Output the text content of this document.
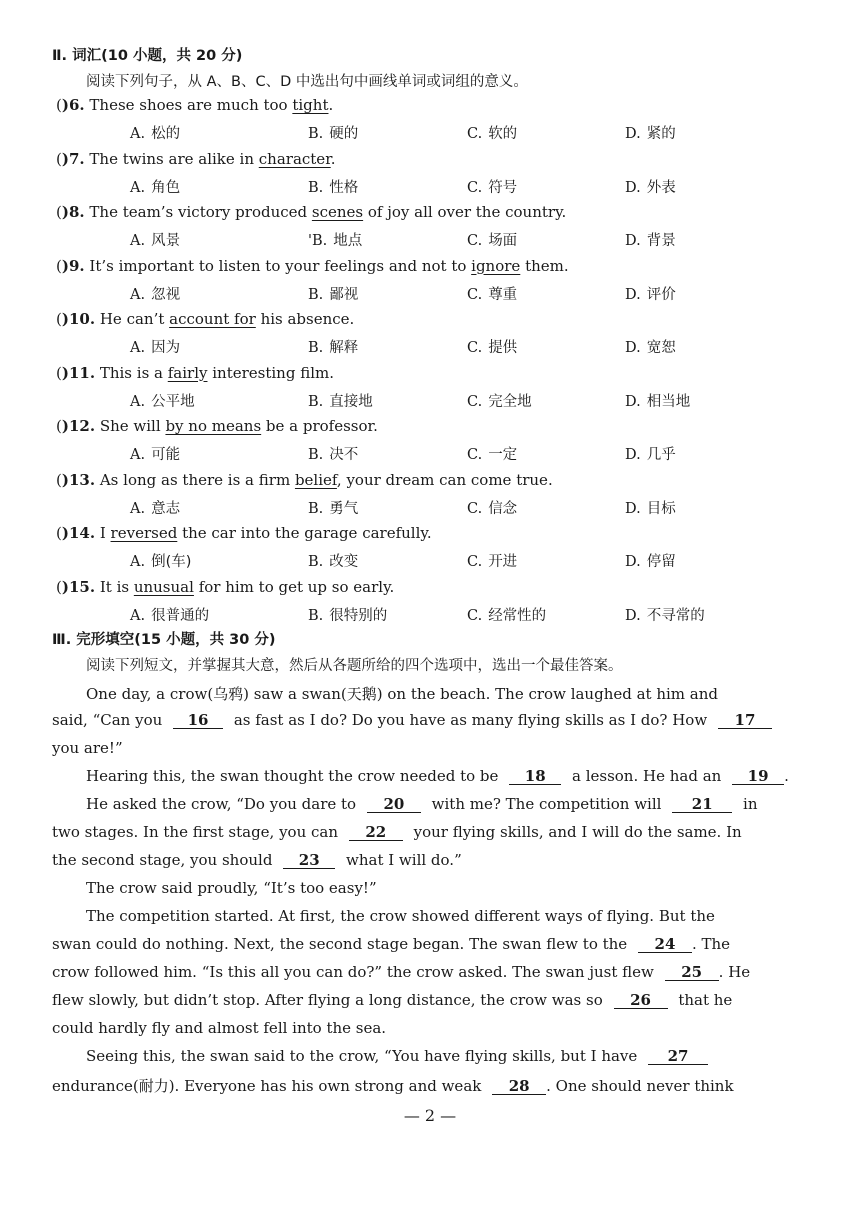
Ⅱ. 词汇(10 小题，共 20 分)
阅读下列句子，从 A、B、C、D 中选出句中画线单词或词组的意义。
()6. These shoes are much too tight.
A. 松的	B. 硬的	C. 软的	D. 紧的
()7. The twins are alike in character.
A. 角色	B. 性格	C. 符号	D. 外表
()8. The team’s victory produced scenes of joy all over the country.
A. 风景	'B. 地点	C. 场面	D. 背景
()9. It’s important to listen to your feelings and not to ignore them.
A. 忽视	B. 鄙视	C. 尊重	D. 评价
()10. He can’t account for his absence.
A. 因为	B. 解释	C. 提供	D. 宽恕
()11. This is a fairly interesting film.
A. 公平地	B. 直接地	C. 完全地	D. 相当地
()12. She will by no means be a professor.
A. 可能	B. 决不	C. 一定	D. 几乎
()13. As long as there is a firm belief, your dream can come true.
A. 意志	B. 勇气	C. 信念	D. 目标
()14. I reversed the car into the garage carefully.
A. 倒(车)	B. 改变	C. 开进	D. 停留
()15. It is unusual for him to get up so early.
A. 很普通的	B. 很特别的	C. 经常性的	D. 不寻常的
Ⅲ. 完形填空(15 小题，共 30 分)
阅读下列短文，并掌握其大意，然后从各题所给的四个选项中，选出一个最佳答案。
One day, a crow(乌鸦) saw a swan(天鹅) on the beach. The crow laughed at him and
said, “Can you 16 as fast as I do? Do you have as many flying skills as I do? How 17
you are!”
Hearing this, the swan thought the crow needed to be 18 a lesson. He had an 19 .
He asked the crow, “Do you dare to 20 with me? The competition will 21 in
two stages. In the first stage, you can 22 your flying skills, and I will do the same. In
the second stage, you should 23 what I will do.”
The crow said proudly, “It’s too easy!”
The competition started. At first, the crow showed different ways of flying. But the
swan could do nothing. Next, the second stage began. The swan flew to the 24 . The
crow followed him. “Is this all you can do?” the crow asked. The swan just flew 25 . He
flew slowly, but didn’t stop. After flying a long distance, the crow was so 26 that he
could hardly fly and almost fell into the sea.
Seeing this, the swan said to the crow, “You have flying skills, but I have 27
endurance(耐力). Everyone has his own strong and weak 28 . One should never think
— 2 —
